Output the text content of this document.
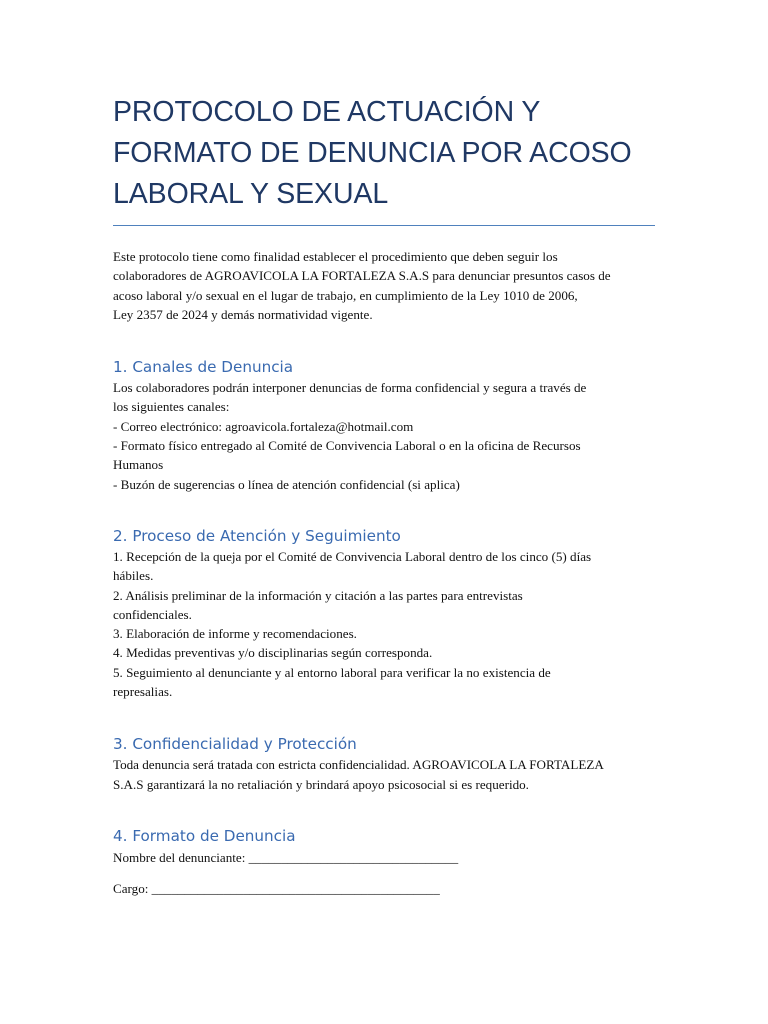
PROTOCOLO DE ACTUACIÓN Y
FORMATO DE DENUNCIA POR ACOSO
LABORAL Y SEXUAL

Este protocolo tiene como finalidad establecer el procedimiento que deben seguir los
colaboradores de AGROAVICOLA LA FORTALEZA S.A.S para denunciar presuntos casos de
acoso laboral y/o sexual en el lugar de trabajo, en cumplimiento de la Ley 1010 de 2006,
Ley 2357 de 2024 y demás normatividad vigente.

1. Canales de Denuncia

Los colaboradores podrán interponer denuncias de forma confidencial y segura a través de
los siguientes canales:
- Correo electrónico: agroavicola.fortaleza@hotmail.com
- Formato físico entregado al Comité de Convivencia Laboral o en la oficina de Recursos
Humanos
- Buzón de sugerencias o línea de atención confidencial (si aplica)

2. Proceso de Atención y Seguimiento

1. Recepción de la queja por el Comité de Convivencia Laboral dentro de los cinco (5) días
hábiles.
2. Análisis preliminar de la información y citación a las partes para entrevistas
confidenciales.
3. Elaboración de informe y recomendaciones.
4. Medidas preventivas y/o disciplinarias según corresponda.
5. Seguimiento al denunciante y al entorno laboral para verificar la no existencia de
represalias.

3. Confidencialidad y Protección

Toda denuncia será tratada con estricta confidencialidad. AGROAVICOLA LA FORTALEZA
S.A.S garantizará la no retaliación y brindará apoyo psicosocial si es requerido.

4. Formato de Denuncia
Nombre del denunciante: ________________________________
Cargo: ____________________________________________
